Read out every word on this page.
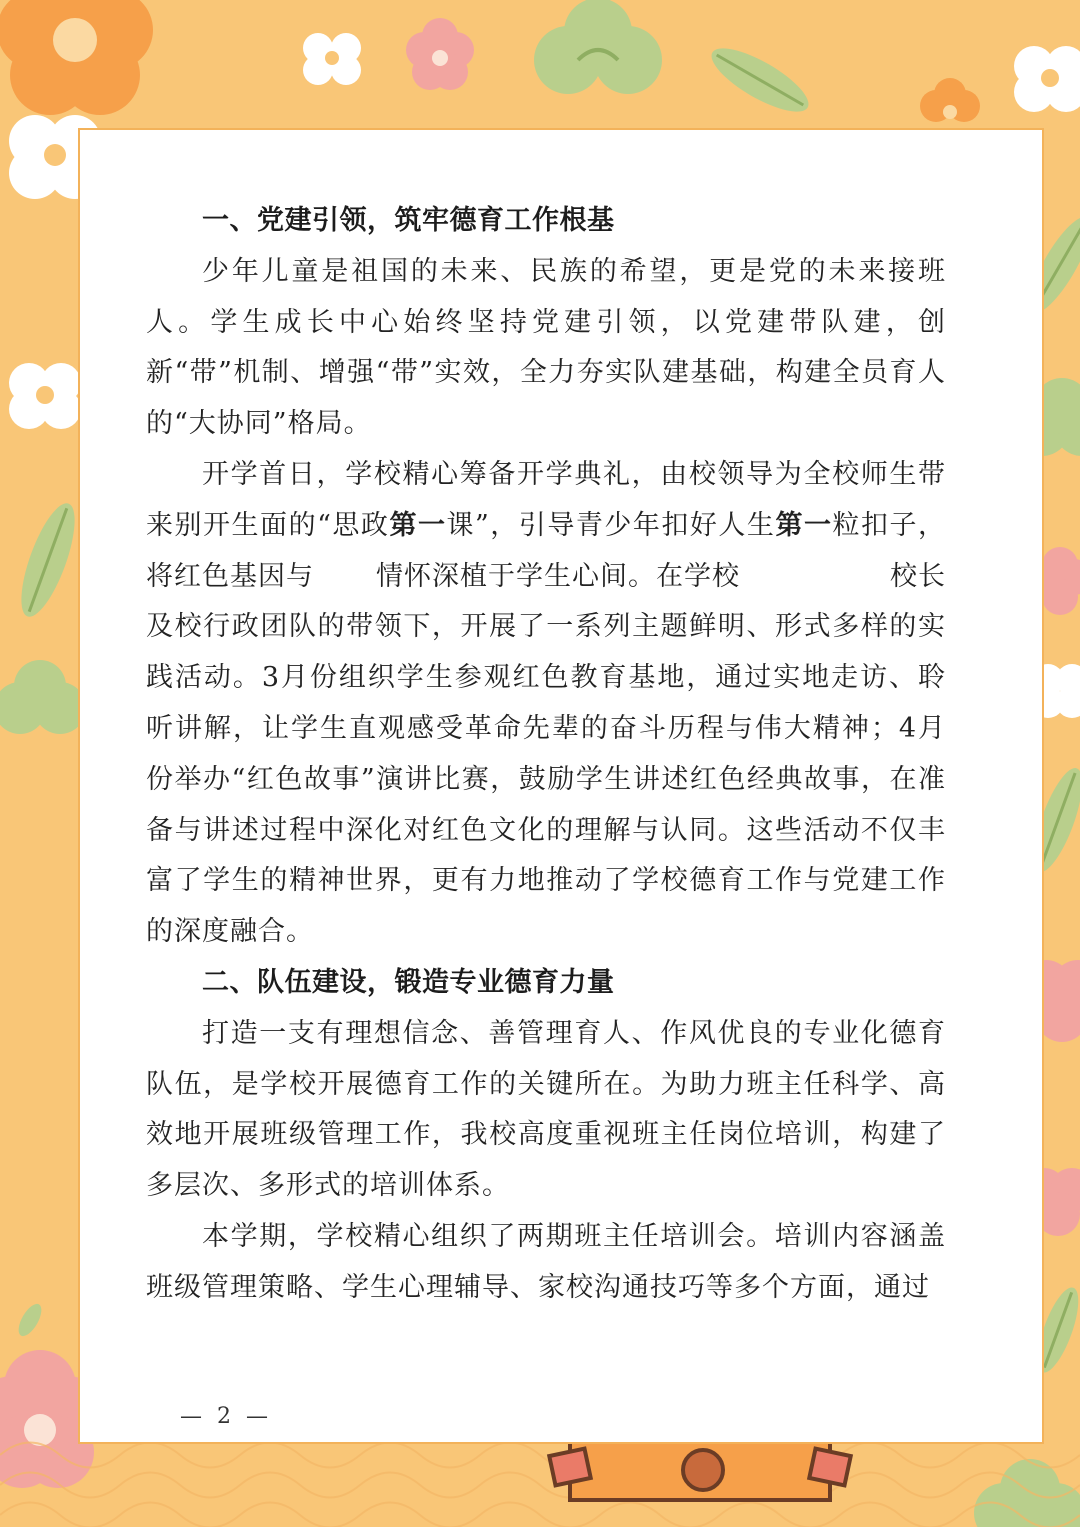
一、党建引领，筑牢德育工作根基

少年儿童是祖国的未来、民族的希望，更是党的未来接班人。学生成长中心始终坚持党建引领，以党建带队建，创新“带”机制、增强“带”实效，全力夯实队建基础，构建全员育人的“大协同”格局。

开学首日，学校精心筹备开学典礼，由校领导为全校师生带来别开生面的“思政第一课”，引导青少年扣好人生第一粒扣子，将红色基因与 情怀深植于学生心间。在学校	校长及校行政团队的带领下，开展了一系列主题鲜明、形式多样的实践活动。3月份组织学生参观红色教育基地，通过实地走访、聆听讲解，让学生直观感受革命先辈的奋斗历程与伟大精神；4月份举办“红色故事”演讲比赛，鼓励学生讲述红色经典故事，在准备与讲述过程中深化对红色文化的理解与认同。这些活动不仅丰富了学生的精神世界，更有力地推动了学校德育工作与党建工作的深度融合。

二、队伍建设，锻造专业德育力量

打造一支有理想信念、善管理育人、作风优良的专业化德育队伍，是学校开展德育工作的关键所在。为助力班主任科学、高效地开展班级管理工作，我校高度重视班主任岗位培训，构建了多层次、多形式的培训体系。

本学期，学校精心组织了两期班主任培训会。培训内容涵盖班级管理策略、学生心理辅导、家校沟通技巧等多个方面，通过

— 2 —
